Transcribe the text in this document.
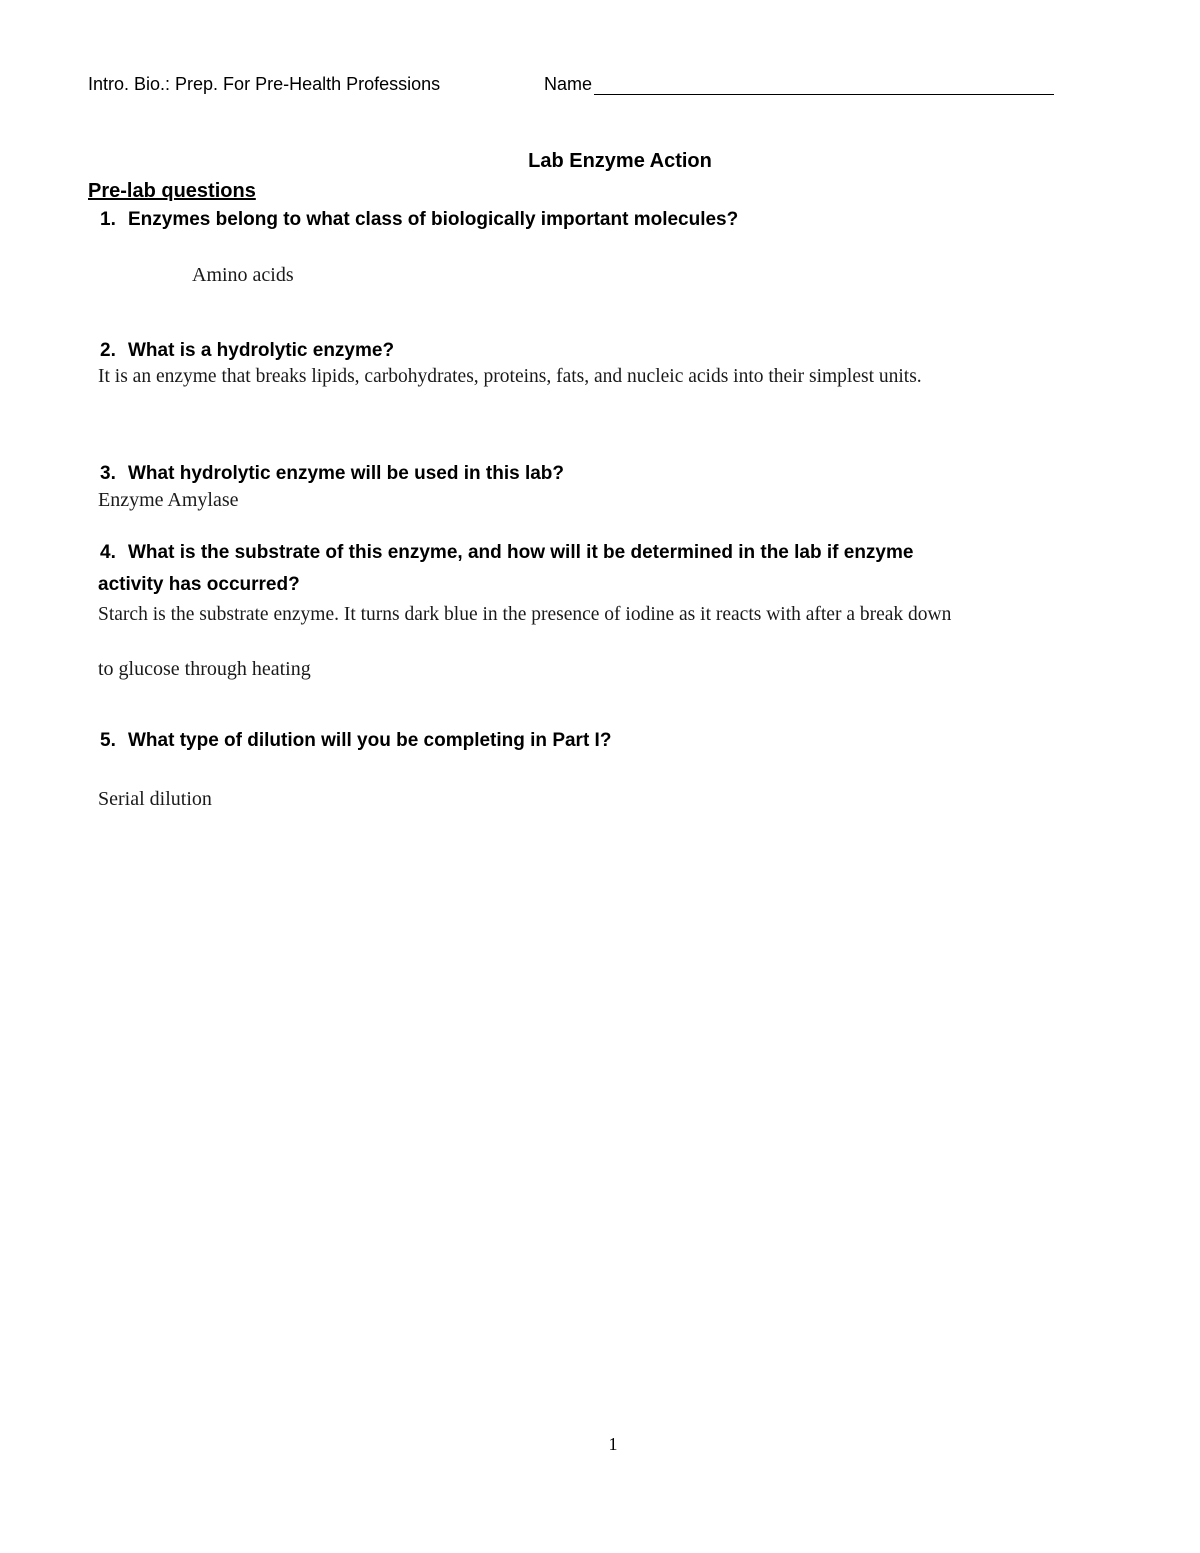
Intro. Bio.: Prep. For Pre-Health Professions	Name
Lab Enzyme Action
Pre-lab questions
1. Enzymes belong to what class of biologically important molecules?
Amino acids
2. What is a hydrolytic enzyme?
It is an enzyme that breaks lipids, carbohydrates, proteins, fats, and nucleic acids into their simplest units.
3. What hydrolytic enzyme will be used in this lab?
Enzyme Amylase
4. What is the substrate of this enzyme, and how will it be determined in the lab if enzyme
activity has occurred?
Starch is the substrate enzyme. It turns dark blue in the presence of iodine as it reacts with after a break down
to glucose through heating
5. What type of dilution will you be completing in Part I?
Serial dilution
1
